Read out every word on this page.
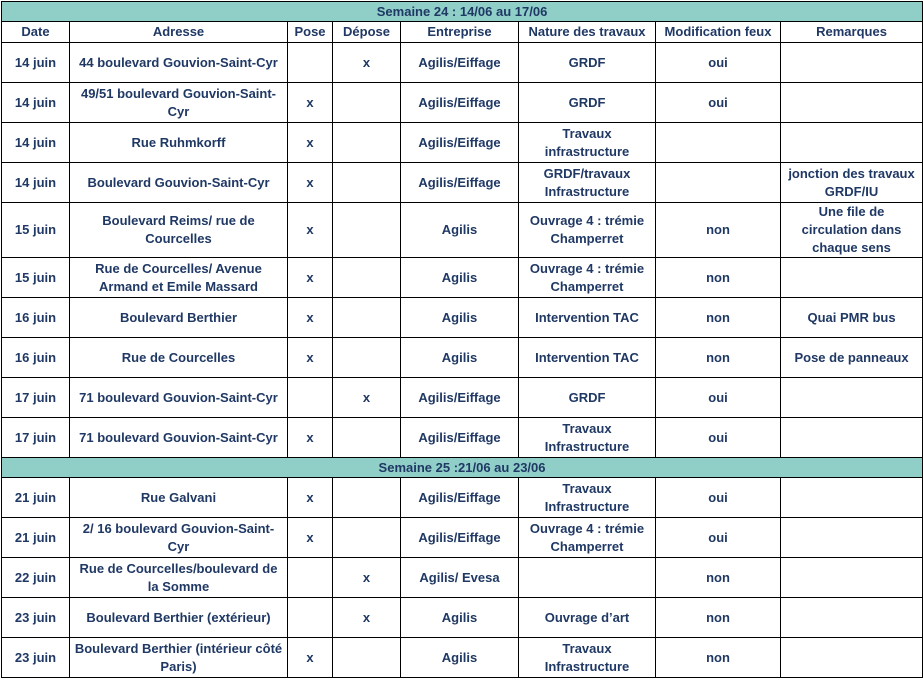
Semaine 24 : 14/06 au 17/06							
Date	Adresse	Pose	Dépose	Entreprise	Nature des travaux	Modification feux	Remarques
14 juin	44 boulevard Gouvion-Saint-Cyr		x	Agilis/Eiffage	GRDF	oui	
14 juin	49/51 boulevard Gouvion-Saint-Cyr	x		Agilis/Eiffage	GRDF	oui	
14 juin	Rue Ruhmkorff	x		Agilis/Eiffage	Travaux infrastructure		
14 juin	Boulevard Gouvion-Saint-Cyr	x		Agilis/Eiffage	GRDF/travaux Infrastructure		jonction des travaux GRDF/IU
15 juin	Boulevard Reims/ rue de Courcelles	x		Agilis	Ouvrage 4 : trémie Champerret	non	Une file de circulation dans chaque sens
15 juin	Rue de Courcelles/ Avenue Armand et Emile Massard	x		Agilis	Ouvrage 4 : trémie Champerret	non	
16 juin	Boulevard Berthier	x		Agilis	Intervention TAC	non	Quai PMR bus
16 juin	Rue de Courcelles	x		Agilis	Intervention TAC	non	Pose de panneaux
17 juin	71 boulevard Gouvion-Saint-Cyr		x	Agilis/Eiffage	GRDF	oui	
17 juin	71 boulevard Gouvion-Saint-Cyr	x		Agilis/Eiffage	Travaux Infrastructure	oui	
Semaine 25 :21/06 au 23/06							
21 juin	Rue Galvani	x		Agilis/Eiffage	Travaux Infrastructure	oui	
21 juin	2/ 16 boulevard Gouvion-Saint-Cyr	x		Agilis/Eiffage	Ouvrage 4 : trémie Champerret	oui	
22 juin	Rue de Courcelles/boulevard de la Somme		x	Agilis/ Evesa		non	
23 juin	Boulevard Berthier (extérieur)		x	Agilis	Ouvrage d’art	non	
23 juin	Boulevard Berthier (intérieur côté Paris)	x		Agilis	Travaux Infrastructure	non	
